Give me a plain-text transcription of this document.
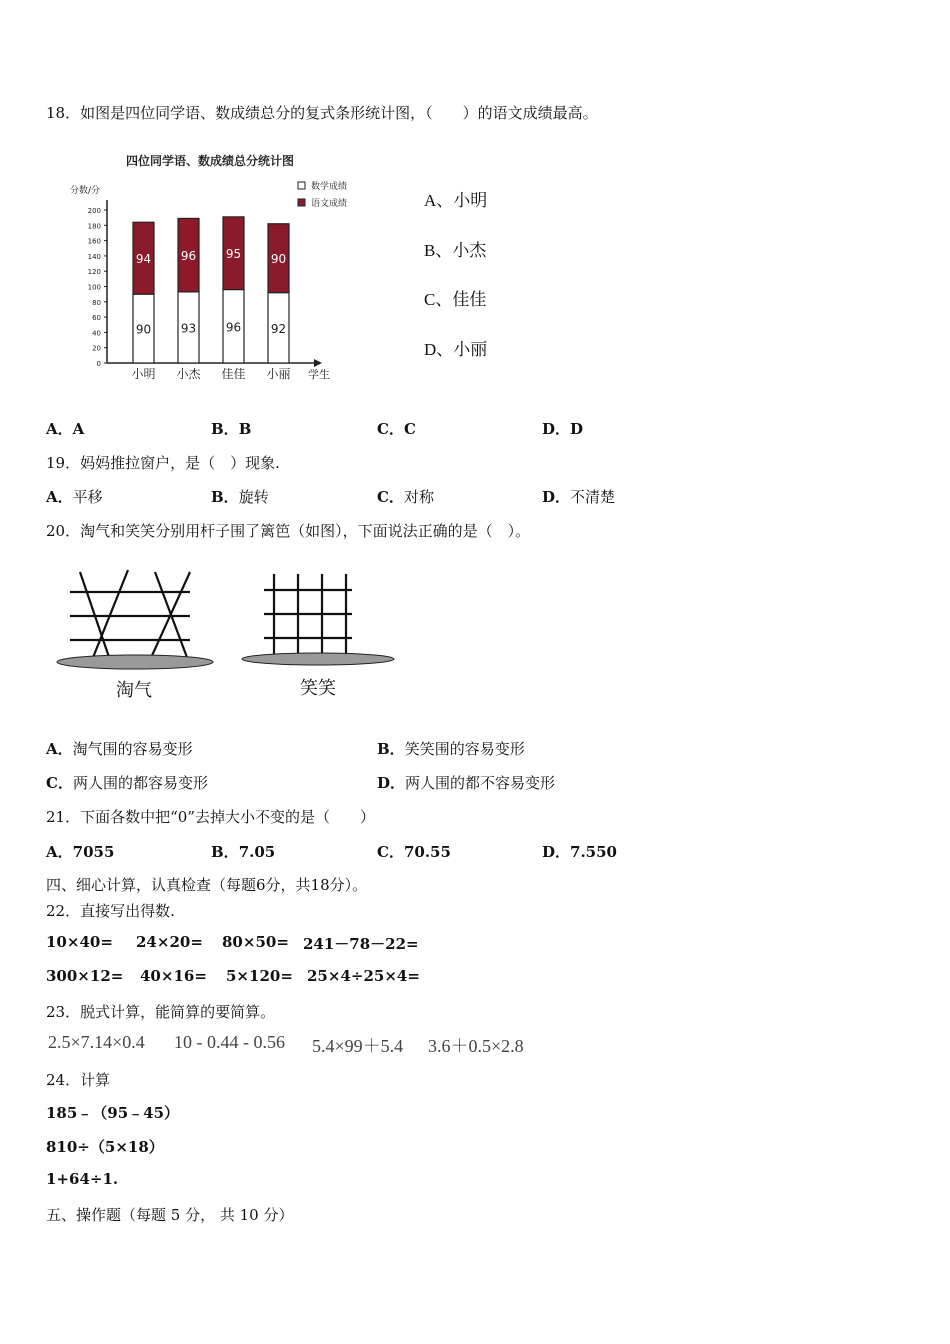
18．如图是四位同学语、数成绩总分的复式条形统计图，（　　）的语文成绩最高。
四位同学语、数成绩总分统计图
分数/分	数学成绩
语文成绩
学生
0
20
40
60
80
100
120
140
160
180
200
90
94
93
96
96
95
92
90
小明 小杰 佳佳 小丽
A、小明
B、小杰
C、佳佳
D、小丽
A．A	B．B	C．C	D．D
19．妈妈推拉窗户，是（　）现象.
A．平移	B．旋转	C．对称	D．不清楚
20．淘气和笑笑分别用杆子围了篱笆（如图），下面说法正确的是（　）。
淘气	笑笑
A．淘气围的容易变形	B．笑笑围的容易变形
C．两人围的都容易变形	D．两人围的都不容易变形
21．下面各数中把“0”去掉大小不变的是（　　）
A．7055	B．7.05	C．70.55	D．7.550
四、细心计算，认真检查（每题6分，共18分）。
22．直接写出得数.
10×40= 24×20= 80×50= 241－78－22=
300×12= 40×16= 5×120= 25×4÷25×4=
23．脱式计算，能简算的要简算。
2.5×7.14×0.4 10 - 0.44 - 0.56 5.4×99＋5.4 3.6＋0.5×2.8
24．计算
185﹣（95﹣45）
810÷（5×18）
1+64÷1.
五、操作题（每题 5 分， 共 10 分）
